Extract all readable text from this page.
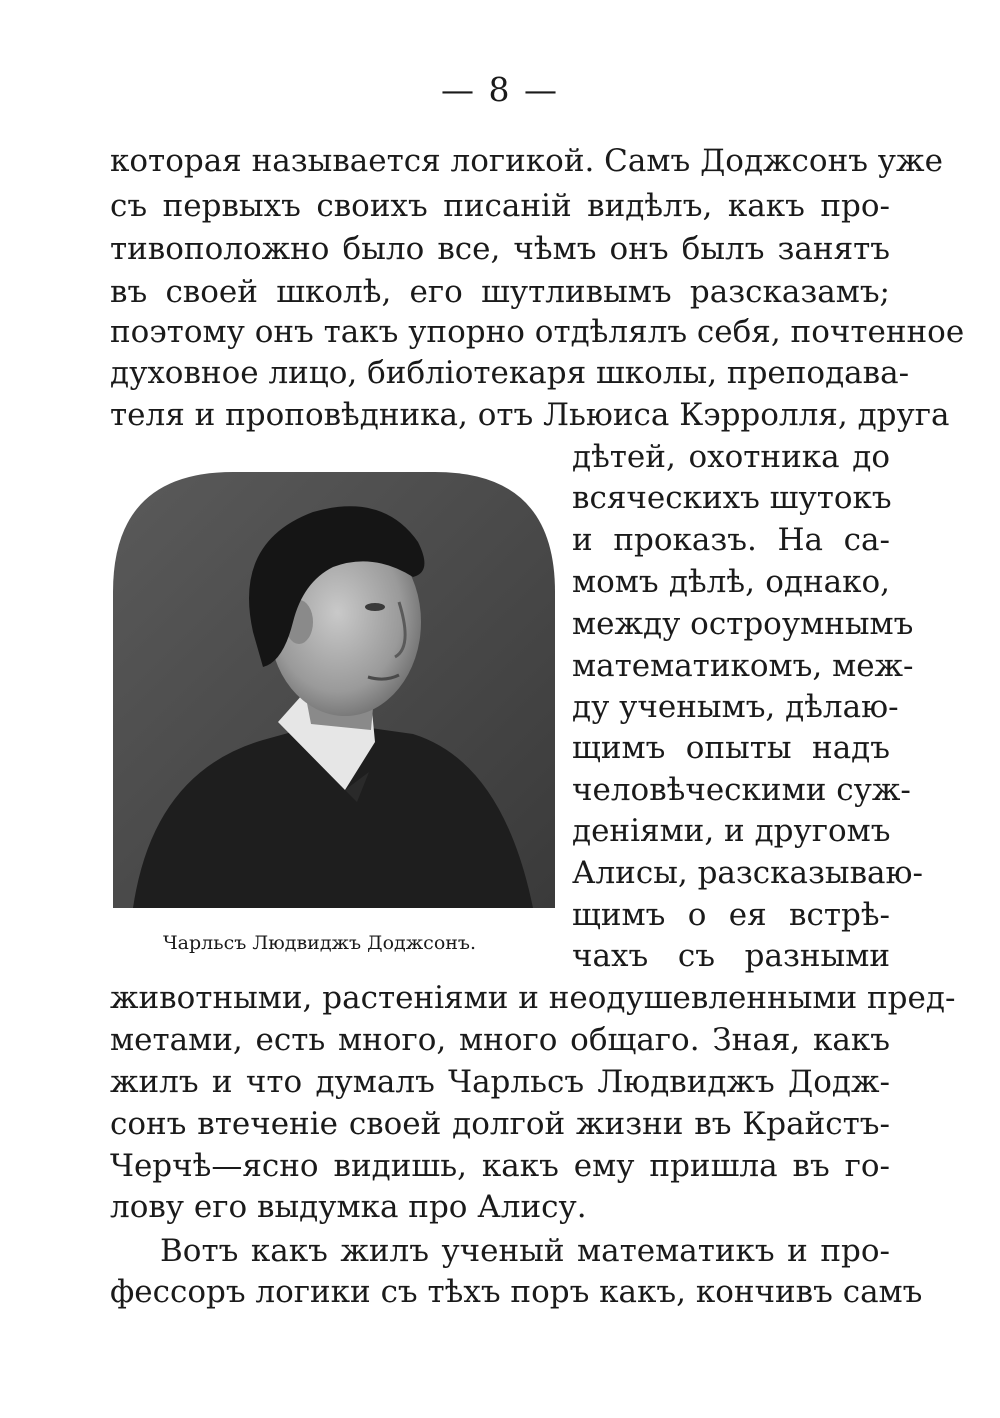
— 8 —
которая называется логикой. Самъ Доджсонъ уже
съ первыхъ своихъ писаній видѣлъ, какъ про-
тивоположно было все, чѣмъ онъ былъ занятъ
въ своей школѣ, его шутливымъ разсказамъ;
поэтому онъ такъ упорно отдѣлялъ себя, почтенное
духовное лицо, библіотекаря школы, преподава-
теля и проповѣдника, отъ Льюиса Кэрролля, друга
дѣтей, охотника до
всяческихъ шутокъ
и проказъ. На са-
момъ дѣлѣ, однако,
между остроумнымъ
математикомъ, меж-
ду ученымъ, дѣлаю-
щимъ опыты надъ
человѣческими суж-
деніями, и другомъ
Алисы, разсказываю-
щимъ о ея встрѣ-
чахъ съ разными
Чарльсъ Людвиджъ Доджсонъ.
животными, растеніями и неодушевленными пред-
метами, есть много, много общаго. Зная, какъ
жилъ и что думалъ Чарльсъ Людвиджъ Додж-
сонъ втеченіе своей долгой жизни въ Крайстъ-
Черчѣ—ясно видишь, какъ ему пришла въ го-
лову его выдумка про Алису.
Вотъ какъ жилъ ученый математикъ и про-
фессоръ логики съ тѣхъ поръ какъ, кончивъ самъ
